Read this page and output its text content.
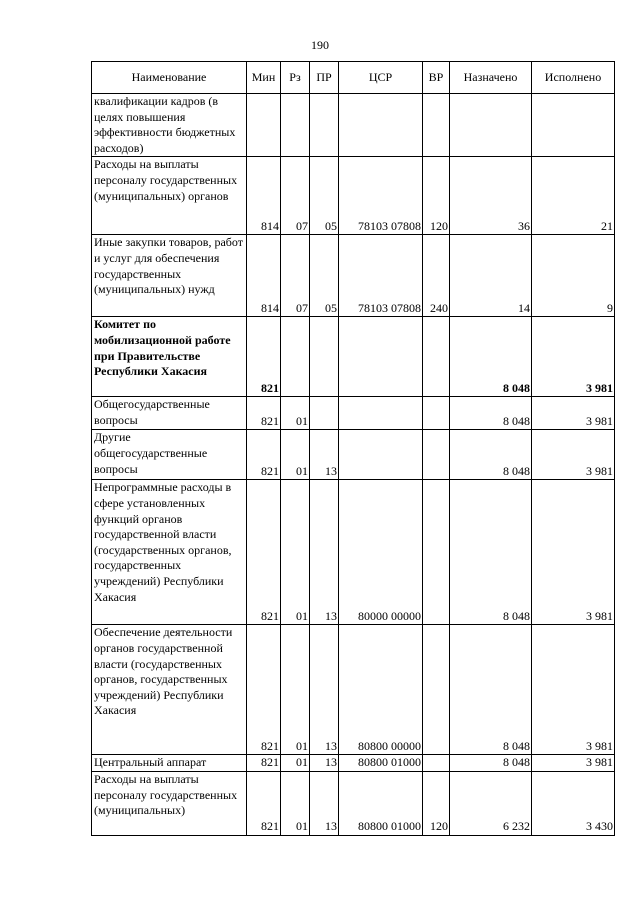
190
Наименование	Мин	Рз	ПР	ЦСР	ВР	Назначено	Исполнено
квалификации кадров (в целях повышения эффективности бюджетных расходов)							
Расходы на выплаты персоналу государственных (муниципальных) органов	814	07	05	78103 07808	120	36	21
Иные закупки товаров, работ и услуг для обеспечения государственных (муниципальных) нужд	814	07	05	78103 07808	240	14	9
Комитет по мобилизационной работе при Правительстве Республики Хакасия	821					8 048	3 981
Общегосударственные вопросы	821	01				8 048	3 981
Другие общегосударственные вопросы	821	01	13			8 048	3 981
Непрограммные расходы в сфере установленных функций органов государственной власти (государственных органов, государственных учреждений) Республики Хакасия	821	01	13	80000 00000		8 048	3 981
Обеспечение деятельности органов государственной власти (государственных органов, государственных учреждений) Республики Хакасия	821	01	13	80800 00000		8 048	3 981
Центральный аппарат	821	01	13	80800 01000		8 048	3 981
Расходы на выплаты персоналу государственных (муниципальных)	821	01	13	80800 01000	120	6 232	3 430
